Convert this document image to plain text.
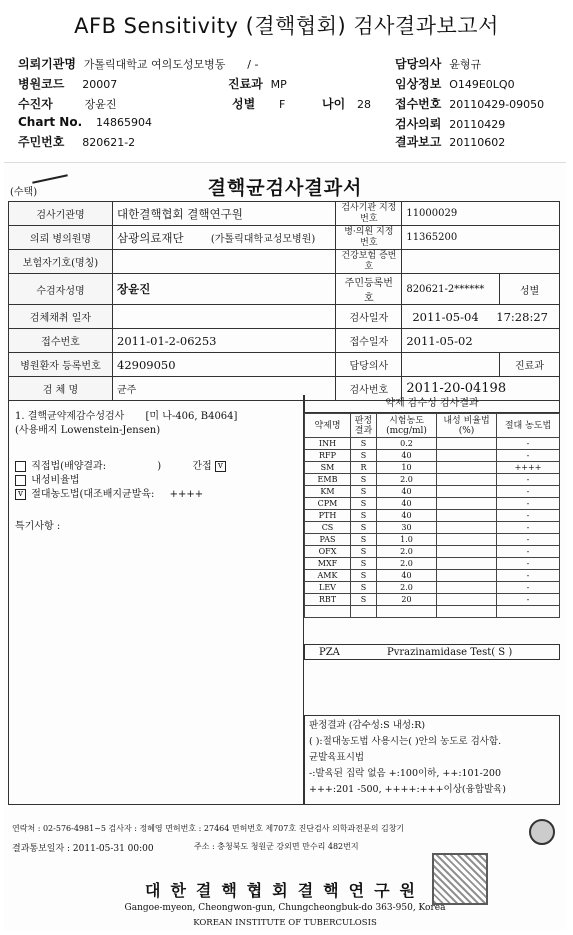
AFB Sensitivity (결핵협회) 검사결과보고서
의뢰기관명 가톨릭대학교 여의도성모병동 / -
병원코드 20007	진료과 MP
수진자	장윤진	성별 F	나이 28
Chart No. 14865904
주민번호 820621-2
담당의사 윤형규
임상정보 O149E0LQ0
접수번호 20110429-09050
검사의뢰 20110429
결과보고 20110602
(수택)	결핵균검사결과서
검사기관명	대한결핵협회 결핵연구원	검사기관 지정번호	11000029	
의뢰 병의원명	삼광의료재단 (가톨릭대학교성모병원)	병·의원 지정번호	11365200	
보험자기호(명칭)		건강보험 증번호		
수검자성명	장윤진	주민등록번호	820621-2******	성별
검체채취 일자		검사일자	2011-05-04 17:28:27	
접수번호	2011-01-2-06253	접수일자	2011-05-02	
병원환자 등록번호	42909050	담당의사		진료과
검 체 명	균주	검사번호	2011-20-04198	
1. 결핵균약제감수성검사 [미 나-406, B4064]
(사용배지 Lowenstein-Jensen)
직접법(배양결과:	)	간접 v
내성비율법
v 절대농도법(대조배지균발육: ++++
특기사항 :
약제 감수성 검사결과
약제명	판정 결과	시험농도 (mcg/ml)	내성 비율법(%)	절대 농도법
INH	S	0.2		-
RFP	S	40		-
SM	R	10		++++
EMB	S	2.0		-
KM	S	40		-
CPM	S	40		-
PTH	S	40		-
CS	S	30		-
PAS	S	1.0		-
OFX	S	2.0		-
MXF	S	2.0		-
AMK	S	40		-
LEV	S	2.0		-
RBT	S	20		-

PZA	Pvrazinamidase Test( S )
판정결과 (감수성:S 내성:R)
( ):절대농도법 사용시는( )안의 농도로 검사함.
균발육표시법
-:발육된 집락 없음 +:100이하, ++:101-200
+++:201 -500, ++++:+++이상(융합발육)
연락처 : 02-576-4981~5 검사자 : 정혜영 면허번호 : 27464 면허번호 제707호 진단검사 의학과전문의 김창기
결과통보일자 : 2011-05-31 00:00	주소 : 충청북도 청원군 강외면 만수리 482번지
대한결핵협회결핵연구원
Gangoe-myeon, Cheongwon-gun, Chungcheongbuk-do 363-950, Korea
KOREAN INSTITUTE OF TUBERCULOSIS
